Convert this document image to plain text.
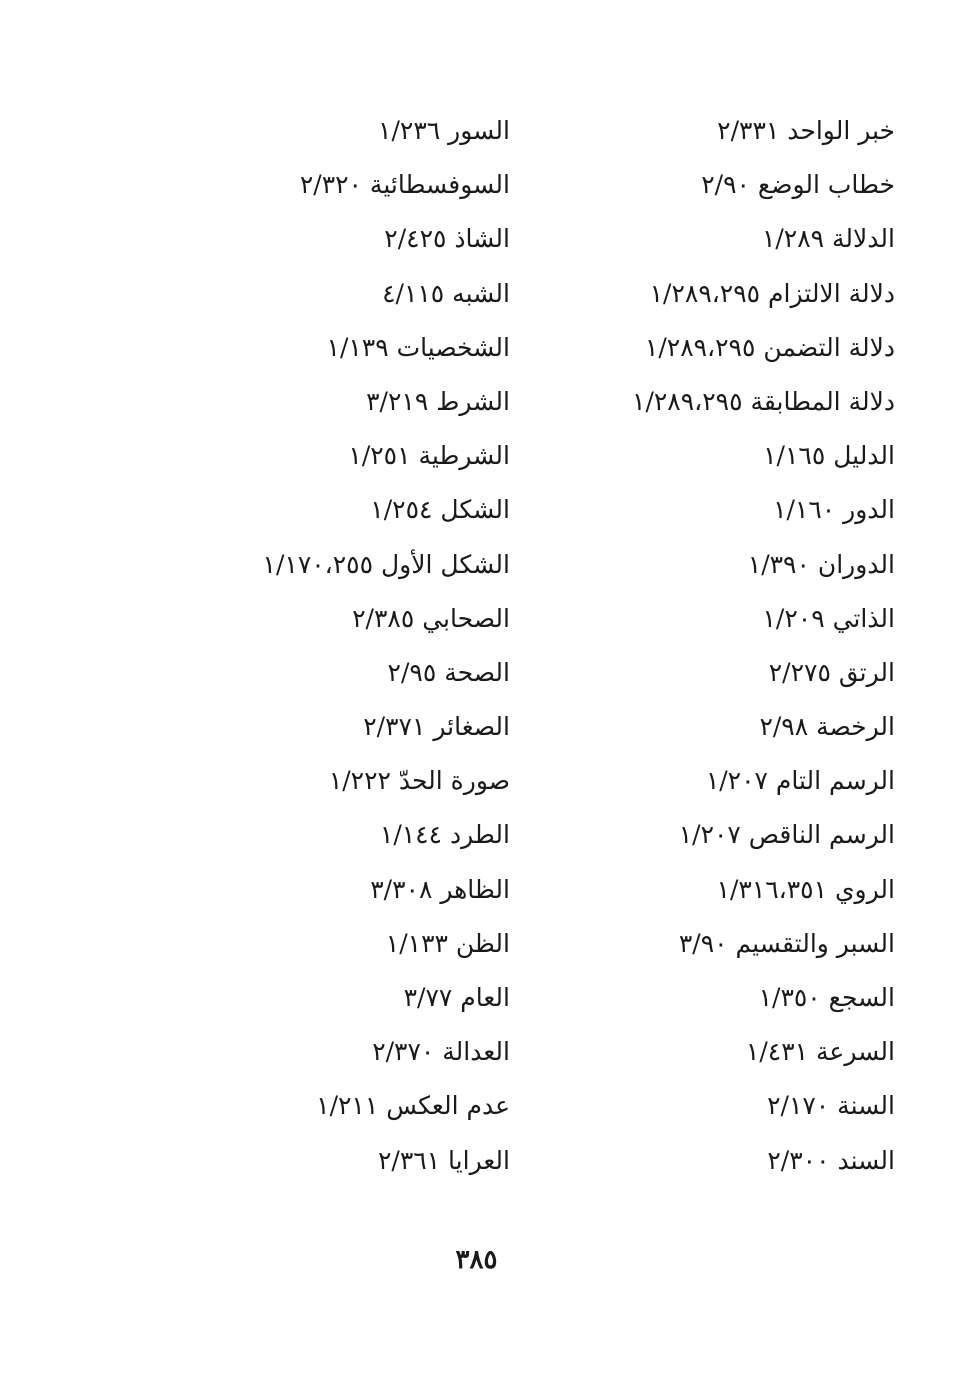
خبر الواحد ٢/٣٣١
خطاب الوضع ٢/٩٠
الدلالة ١/٢٨٩
دلالة الالتزام ١/٢٨٩،٢٩٥
دلالة التضمن ١/٢٨٩،٢٩٥
دلالة المطابقة ١/٢٨٩،٢٩٥
الدليل ١/١٦٥
الدور ١/١٦٠
الدوران ١/٣٩٠
الذاتي ١/٢٠٩
الرتق ٢/٢٧٥
الرخصة ٢/٩٨
الرسم التام ١/٢٠٧
الرسم الناقص ١/٢٠٧
الروي ١/٣١٦،٣٥١
السبر والتقسيم ٣/٩٠
السجع ١/٣٥٠
السرعة ١/٤٣١
السنة ٢/١٧٠
السند ٢/٣٠٠
السور ١/٢٣٦
السوفسطائية ٢/٣٢٠
الشاذ ٢/٤٢٥
الشبه ٤/١١٥
الشخصيات ١/١٣٩
الشرط ٣/٢١٩
الشرطية ١/٢٥١
الشكل ١/٢٥٤
الشكل الأول ١/١٧٠،٢٥٥
الصحابي ٢/٣٨٥
الصحة ٢/٩٥
الصغائر ٢/٣٧١
صورة الحدّ ١/٢٢٢
الطرد ١/١٤٤
الظاهر ٣/٣٠٨
الظن ١/١٣٣
العام ٣/٧٧
العدالة ٢/٣٧٠
عدم العكس ١/٢١١
العرايا ٢/٣٦١
٣٨٥
